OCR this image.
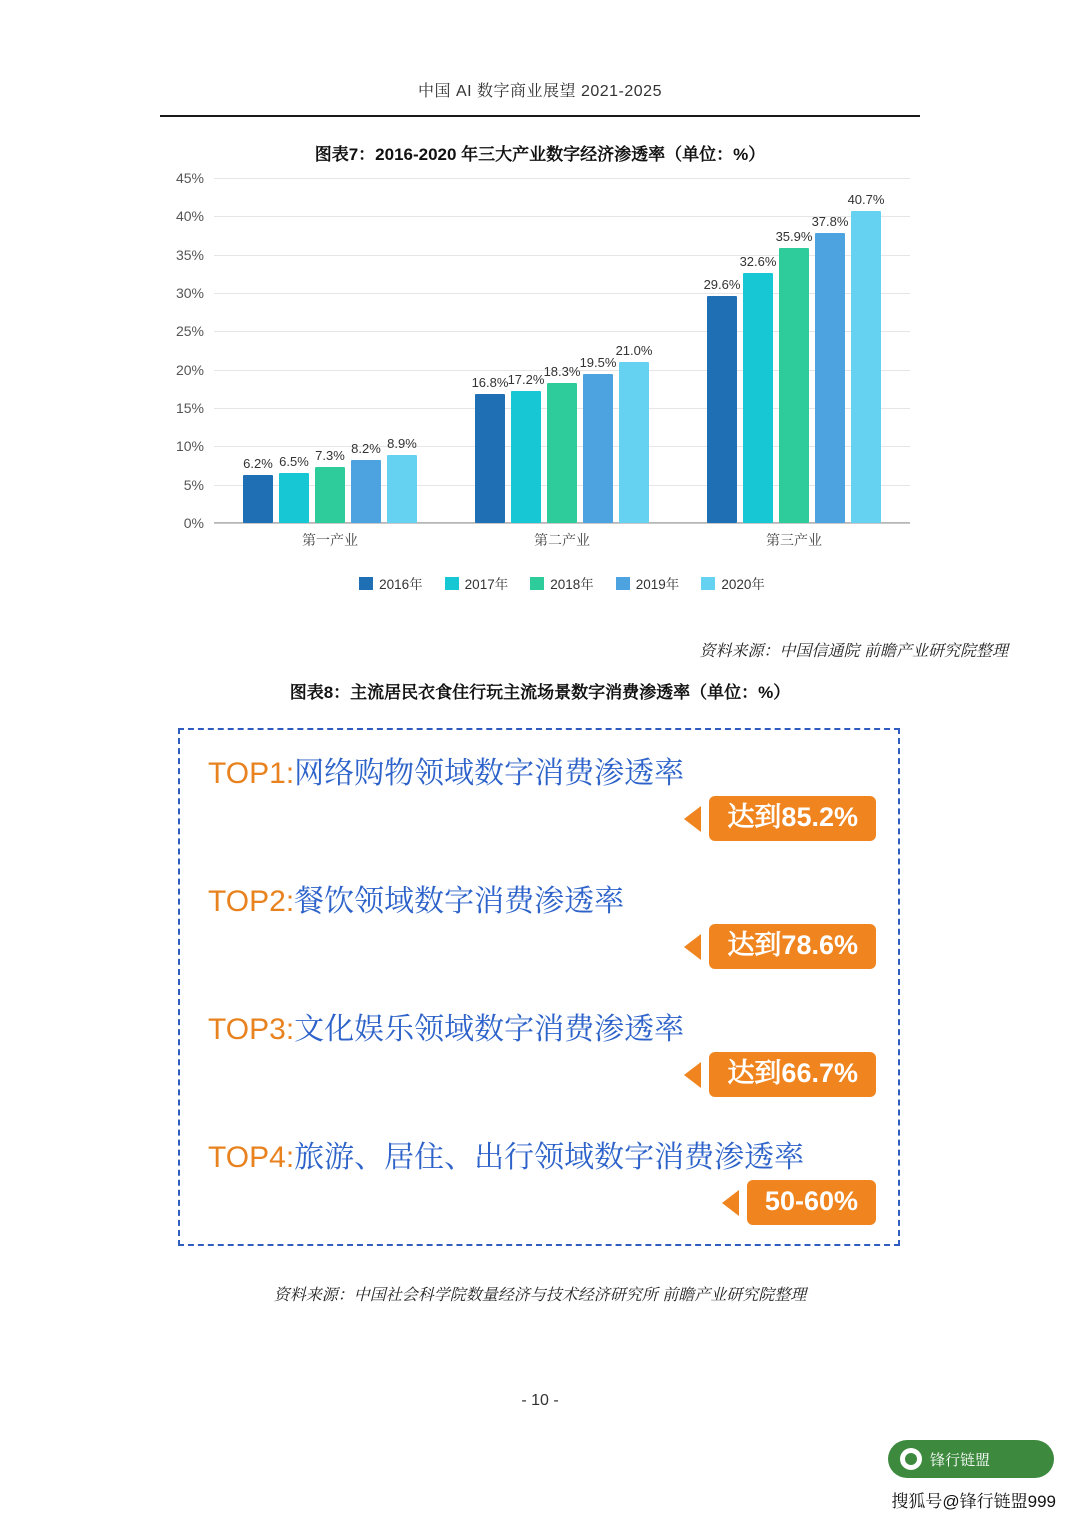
中国 AI 数字商业展望 2021-2025
图表7：2016-2020 年三大产业数字经济渗透率（单位：%）
0%
5%
10%
15%
20%
25%
30%
35%
40%
45%
6.2% 6.5% 7.3% 8.2% 8.9%
16.8% 17.2%
18.3%
19.5%
21.0%
29.6%
32.6%
35.9%
37.8%
40.7%
2016年	2017年	2018年	2019年	2020年
第一产业	第二产业	第三产业
资料来源：中国信通院 前瞻产业研究院整理
图表8：主流居民衣食住行玩主流场景数字消费渗透率（单位：%）
TOP1:网络购物领域数字消费渗透率
达到85.2%
TOP2:餐饮领域数字消费渗透率
达到78.6%
TOP3:文化娱乐领域数字消费渗透率
达到66.7%
TOP4:旅游、居住、出行领域数字消费渗透率
50-60%
资料来源：中国社会科学院数量经济与技术经济研究所 前瞻产业研究院整理
- 10 -
锋行链盟
搜狐号@锋行链盟999
